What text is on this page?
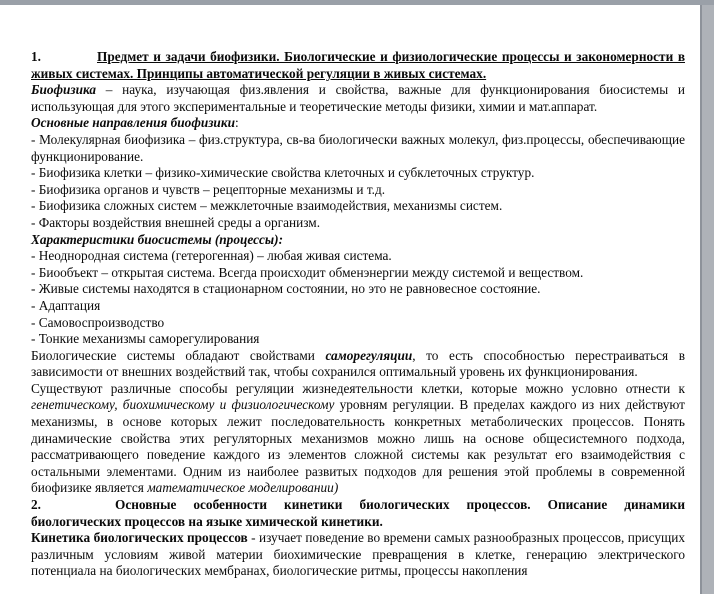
1.	Предмет и задачи биофизики. Биологические и физиологические процессы и закономерности в живых системах. Принципы автоматической регуляции в живых системах.

Биофизика – наука, изучающая физ.явления и свойства, важные для функционирования биосистемы и использующая для этого экспериментальные и теоретические методы физики, химии и мат.аппарат.

Основные направления биофизики:

- Молекулярная биофизика – физ.структура, св-ва биологически важных молекул, физ.процессы, обеспечивающие функционирование.

- Биофизика клетки – физико-химические свойства клеточных и субклеточных структур.

- Биофизика органов и чувств – рецепторные механизмы и т.д.

- Биофизика сложных систем – межклеточные взаимодействия, механизмы систем.

- Факторы воздействия внешней среды а организм.

Характеристики биосистемы (процессы):

- Неоднородная система (гетерогенная) – любая живая система.

- Биообъект – открытая система. Всегда происходит обменэнергии между системой и веществом.

- Живые системы находятся в стационарном состоянии, но это не равновесное состояние.

- Адаптация

- Самовоспроизводство

- Тонкие механизмы саморегулирования

Биологические системы обладают свойствами саморегуляции, то есть способностью перестраиваться в зависимости от внешних воздействий так, чтобы сохранился оптимальный уровень их функционирования.

Существуют различные способы регуляции жизнедеятельности клетки, которые можно условно отнести к генетическому, биохимическому и физиологическому уровням регуляции. В пределах каждого из них действуют механизмы, в основе которых лежит последовательность конкретных метаболических процессов. Понять динамические свойства этих регуляторных механизмов можно лишь на основе общесистемного подхода, рассматривающего поведение каждого из элементов сложной системы как результат его взаимодействия с остальными элементами. Одним из наиболее развитых подходов для решения этой проблемы в современной биофизике является математическое моделировании)

2.	Основные особенности кинетики биологических процессов. Описание динамики биологических процессов на языке химической кинетики.

Кинетика биологических процессов - изучает поведение во времени самых разнообразных процессов, присущих различным условиям живой материи биохимические превращения в клетке, генерацию электрического потенциала на биологических мембранах, биологические ритмы, процессы накопления
